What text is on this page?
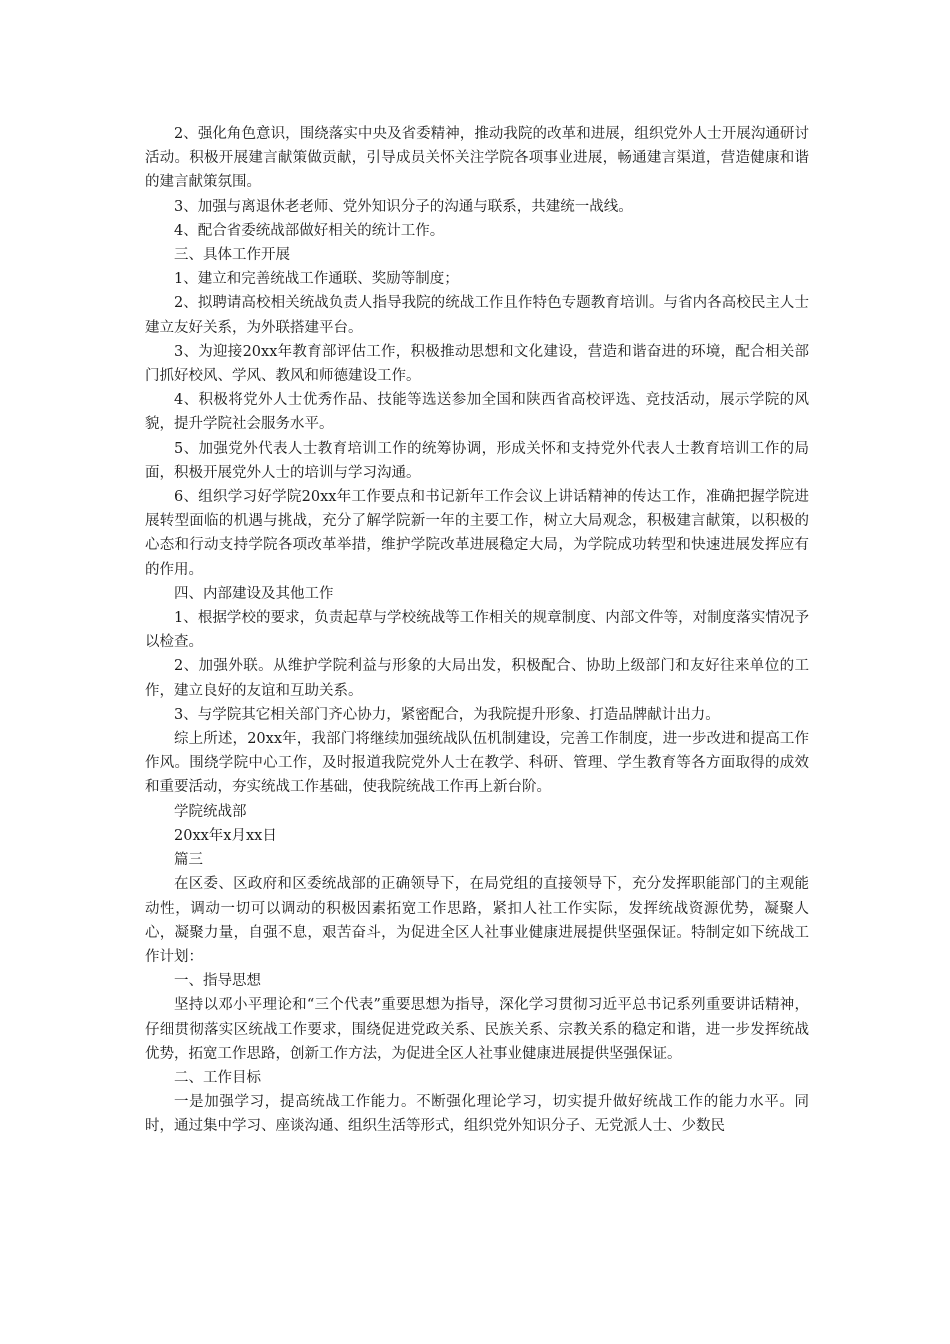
2、强化角色意识，围绕落实中央及省委精神，推动我院的改革和进展，组织党外人士开展沟通研讨活动。积极开展建言献策做贡献，引导成员关怀关注学院各项事业进展，畅通建言渠道，营造健康和谐的建言献策氛围。

3、加强与离退休老老师、党外知识分子的沟通与联系，共建统一战线。

4、配合省委统战部做好相关的统计工作。

三、具体工作开展

1、建立和完善统战工作通联、奖励等制度；

2、拟聘请高校相关统战负责人指导我院的统战工作且作特色专题教育培训。与省内各高校民主人士建立友好关系，为外联搭建平台。

3、为迎接20xx年教育部评估工作，积极推动思想和文化建设，营造和谐奋进的环境，配合相关部门抓好校风、学风、教风和师德建设工作。

4、积极将党外人士优秀作品、技能等选送参加全国和陕西省高校评选、竞技活动，展示学院的风貌，提升学院社会服务水平。

5、加强党外代表人士教育培训工作的统筹协调，形成关怀和支持党外代表人士教育培训工作的局面，积极开展党外人士的培训与学习沟通。

6、组织学习好学院20xx年工作要点和书记新年工作会议上讲话精神的传达工作，准确把握学院进展转型面临的机遇与挑战，充分了解学院新一年的主要工作，树立大局观念，积极建言献策，以积极的心态和行动支持学院各项改革举措，维护学院改革进展稳定大局，为学院成功转型和快速进展发挥应有的作用。

四、内部建设及其他工作

1、根据学校的要求，负责起草与学校统战等工作相关的规章制度、内部文件等，对制度落实情况予以检查。

2、加强外联。从维护学院利益与形象的大局出发，积极配合、协助上级部门和友好往来单位的工作，建立良好的友谊和互助关系。

3、与学院其它相关部门齐心协力，紧密配合，为我院提升形象、打造品牌献计出力。

综上所述，20xx年，我部门将继续加强统战队伍机制建设，完善工作制度，进一步改进和提高工作作风。围绕学院中心工作，及时报道我院党外人士在教学、科研、管理、学生教育等各方面取得的成效和重要活动，夯实统战工作基础，使我院统战工作再上新台阶。

学院统战部

20xx年x月xx日

篇三

在区委、区政府和区委统战部的正确领导下，在局党组的直接领导下，充分发挥职能部门的主观能动性，调动一切可以调动的积极因素拓宽工作思路，紧扣人社工作实际，发挥统战资源优势，凝聚人心，凝聚力量，自强不息，艰苦奋斗，为促进全区人社事业健康进展提供坚强保证。特制定如下统战工作计划：

一、指导思想

坚持以邓小平理论和“三个代表”重要思想为指导，深化学习贯彻习近平总书记系列重要讲话精神，仔细贯彻落实区统战工作要求，围绕促进党政关系、民族关系、宗教关系的稳定和谐，进一步发挥统战优势，拓宽工作思路，创新工作方法，为促进全区人社事业健康进展提供坚强保证。

二、工作目标

一是加强学习，提高统战工作能力。不断强化理论学习，切实提升做好统战工作的能力水平。同时，通过集中学习、座谈沟通、组织生活等形式，组织党外知识分子、无党派人士、少数民
